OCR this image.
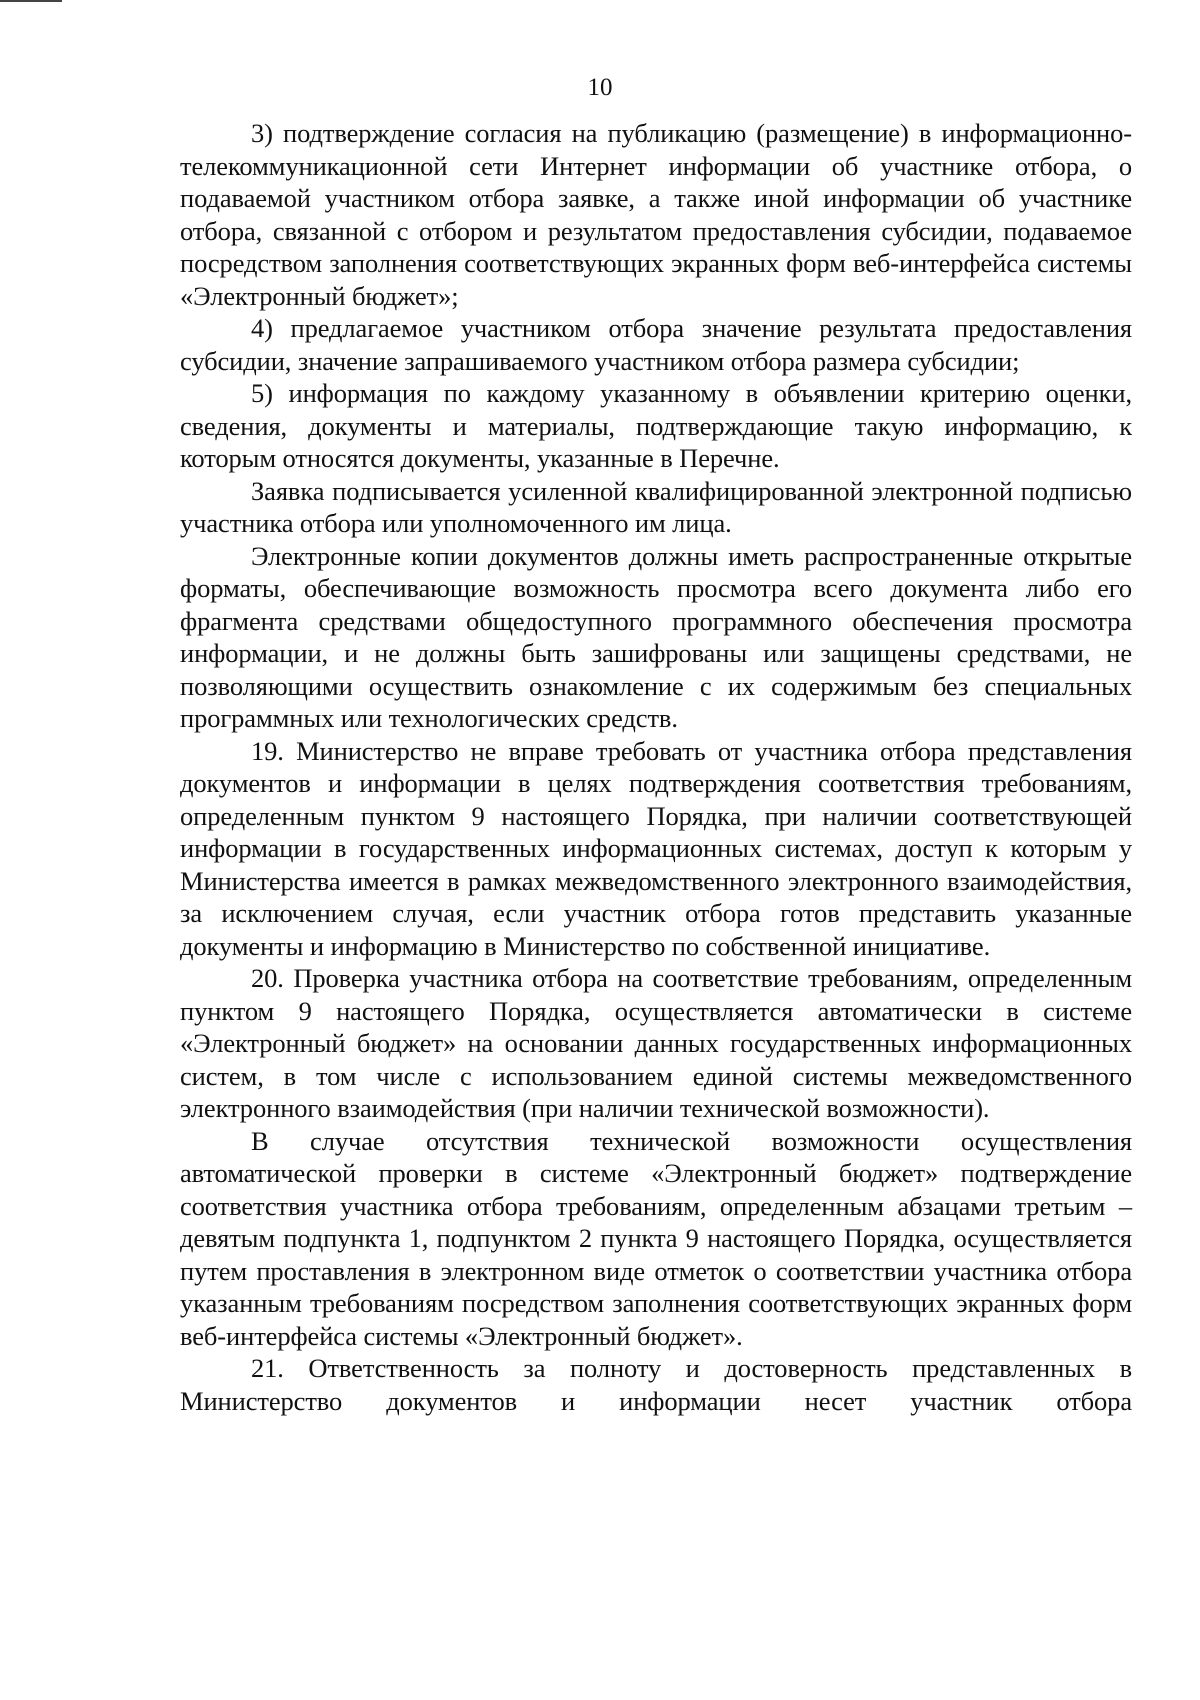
10

3) подтверждение согласия на публикацию (размещение) в информационно-телекоммуникационной сети Интернет информации об участнике отбора, о подаваемой участником отбора заявке, а также иной информации об участнике отбора, связанной с отбором и результатом предоставления субсидии, подаваемое посредством заполнения соответствующих экранных форм веб-интерфейса системы «Электронный бюджет»;

4) предлагаемое участником отбора значение результата предоставления субсидии, значение запрашиваемого участником отбора размера субсидии;

5) информация по каждому указанному в объявлении критерию оценки, сведения, документы и материалы, подтверждающие такую информацию, к которым относятся документы, указанные в Перечне.

Заявка подписывается усиленной квалифицированной электронной подписью участника отбора или уполномоченного им лица.

Электронные копии документов должны иметь распространенные открытые форматы, обеспечивающие возможность просмотра всего документа либо его фрагмента средствами общедоступного программного обеспечения просмотра информации, и не должны быть зашифрованы или защищены средствами, не позволяющими осуществить ознакомление с их содержимым без специальных программных или технологических средств.

19. Министерство не вправе требовать от участника отбора представления документов и информации в целях подтверждения соответствия требованиям, определенным пунктом 9 настоящего Порядка, при наличии соответствующей информации в государственных информационных системах, доступ к которым у Министерства имеется в рамках межведомственного электронного взаимодействия, за исключением случая, если участник отбора готов представить указанные документы и информацию в Министерство по собственной инициативе.

20. Проверка участника отбора на соответствие требованиям, определенным пунктом 9 настоящего Порядка, осуществляется автоматически в системе «Электронный бюджет» на основании данных государственных информационных систем, в том числе с использованием единой системы межведомственного электронного взаимодействия (при наличии технической возможности).

В случае отсутствия технической возможности осуществления автоматической проверки в системе «Электронный бюджет» подтверждение соответствия участника отбора требованиям, определенным абзацами третьим – девятым подпункта 1, подпунктом 2 пункта 9 настоящего Порядка, осуществляется путем проставления в электронном виде отметок о соответствии участника отбора указанным требованиям посредством заполнения соответствующих экранных форм веб-интерфейса системы «Электронный бюджет».

21. Ответственность за полноту и достоверность представленных в Министерство документов и информации несет участник отбора
